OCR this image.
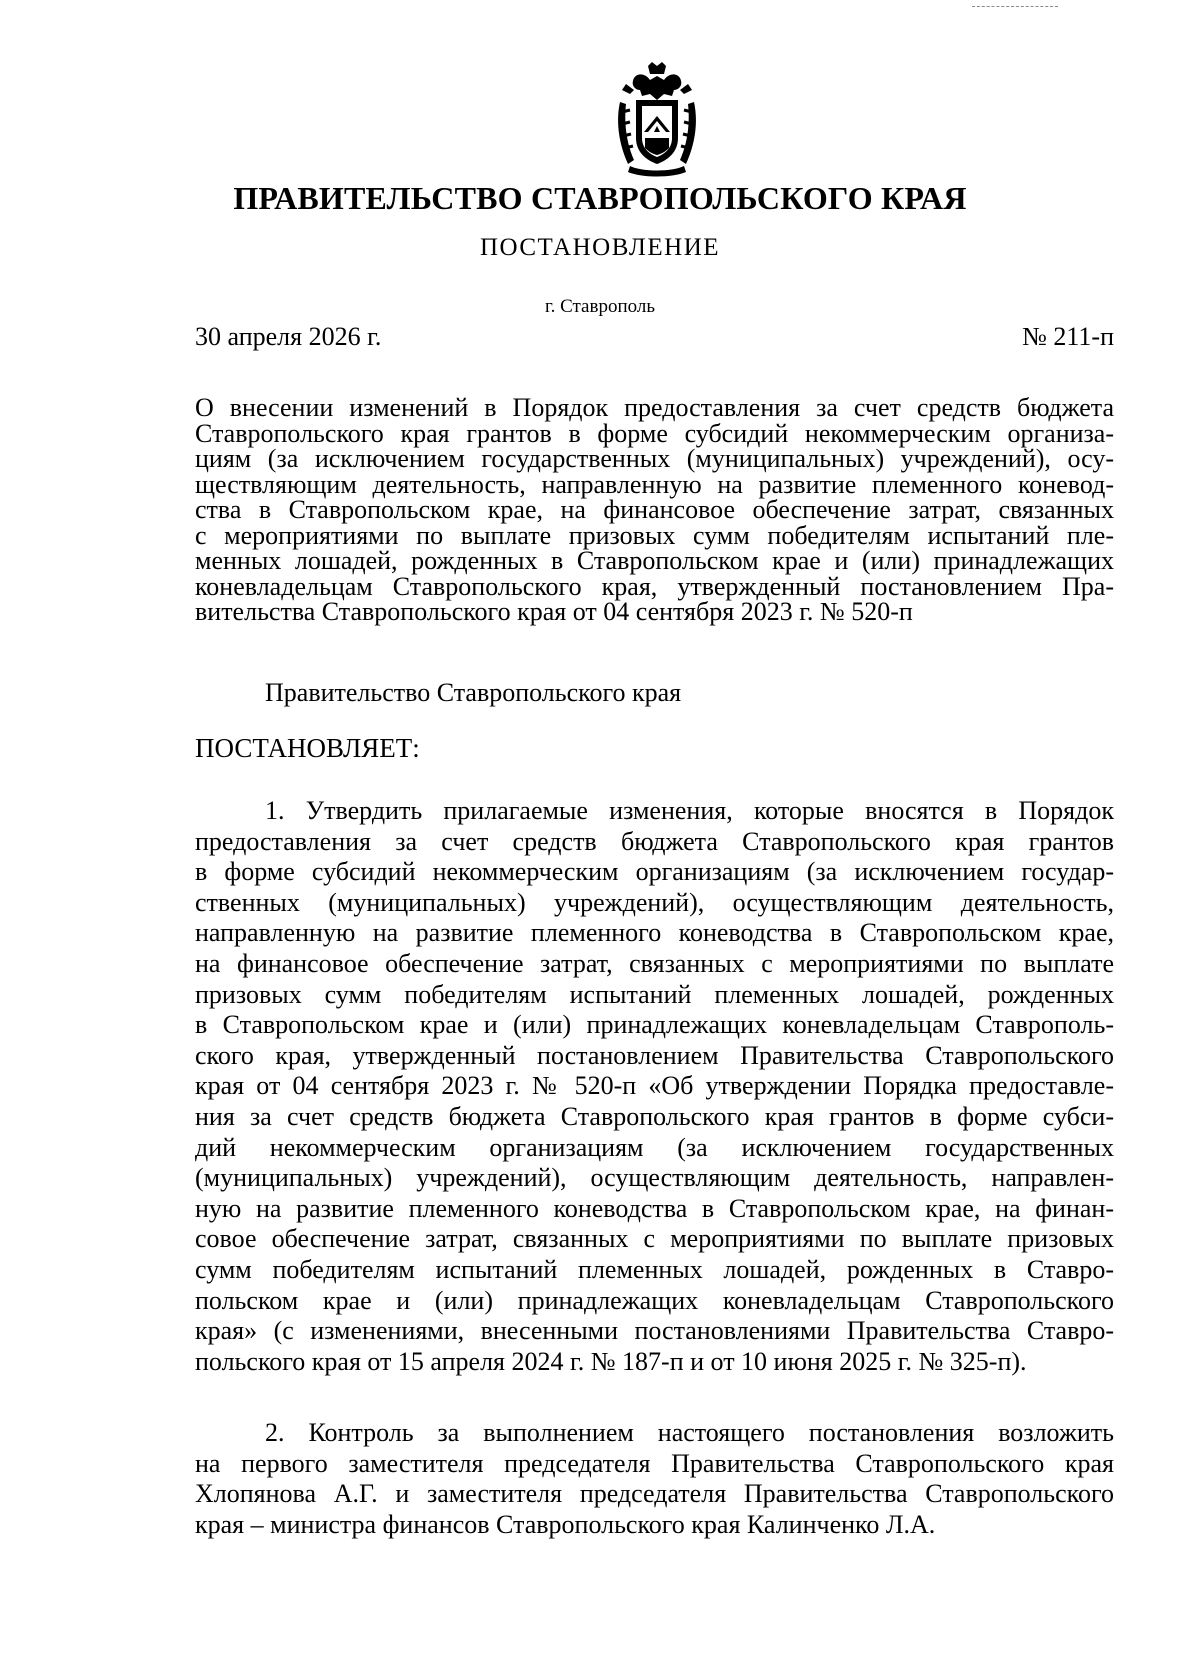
ПРАВИТЕЛЬСТВО СТАВРОПОЛЬСКОГО КРАЯ
ПОСТАНОВЛЕНИЕ
г. Ставрополь
30 апреля 2026 г.	№ 211-п
О внесении изменений в Порядок предоставления за счет средств бюджета
Ставропольского края грантов в форме субсидий некоммерческим организа-
циям (за исключением государственных (муниципальных) учреждений), осу-
ществляющим деятельность, направленную на развитие племенного коневод-
ства в Ставропольском крае, на финансовое обеспечение затрат, связанных
с мероприятиями по выплате призовых сумм победителям испытаний пле-
менных лошадей, рожденных в Ставропольском крае и (или) принадлежащих
коневладельцам Ставропольского края, утвержденный постановлением Пра-
вительства Ставропольского края от 04 сентября 2023 г. № 520-п
Правительство Ставропольского края
ПОСТАНОВЛЯЕТ:
1. Утвердить прилагаемые изменения, которые вносятся в Порядок
предоставления за счет средств бюджета Ставропольского края грантов
в форме субсидий некоммерческим организациям (за исключением государ-
ственных (муниципальных) учреждений), осуществляющим деятельность,
направленную на развитие племенного коневодства в Ставропольском крае,
на финансовое обеспечение затрат, связанных с мероприятиями по выплате
призовых сумм победителям испытаний племенных лошадей, рожденных
в Ставропольском крае и (или) принадлежащих коневладельцам Ставрополь-
ского края, утвержденный постановлением Правительства Ставропольского
края от 04 сентября 2023 г. № 520-п «Об утверждении Порядка предоставле-
ния за счет средств бюджета Ставропольского края грантов в форме субси-
дий некоммерческим организациям (за исключением государственных
(муниципальных) учреждений), осуществляющим деятельность, направлен-
ную на развитие племенного коневодства в Ставропольском крае, на финан-
совое обеспечение затрат, связанных с мероприятиями по выплате призовых
сумм победителям испытаний племенных лошадей, рожденных в Ставро-
польском крае и (или) принадлежащих коневладельцам Ставропольского
края» (с изменениями, внесенными постановлениями Правительства Ставро-
польского края от 15 апреля 2024 г. № 187-п и от 10 июня 2025 г. № 325-п).
2. Контроль за выполнением настоящего постановления возложить
на первого заместителя председателя Правительства Ставропольского края
Хлопянова А.Г. и заместителя председателя Правительства Ставропольского
края – министра финансов Ставропольского края Калинченко Л.А.
